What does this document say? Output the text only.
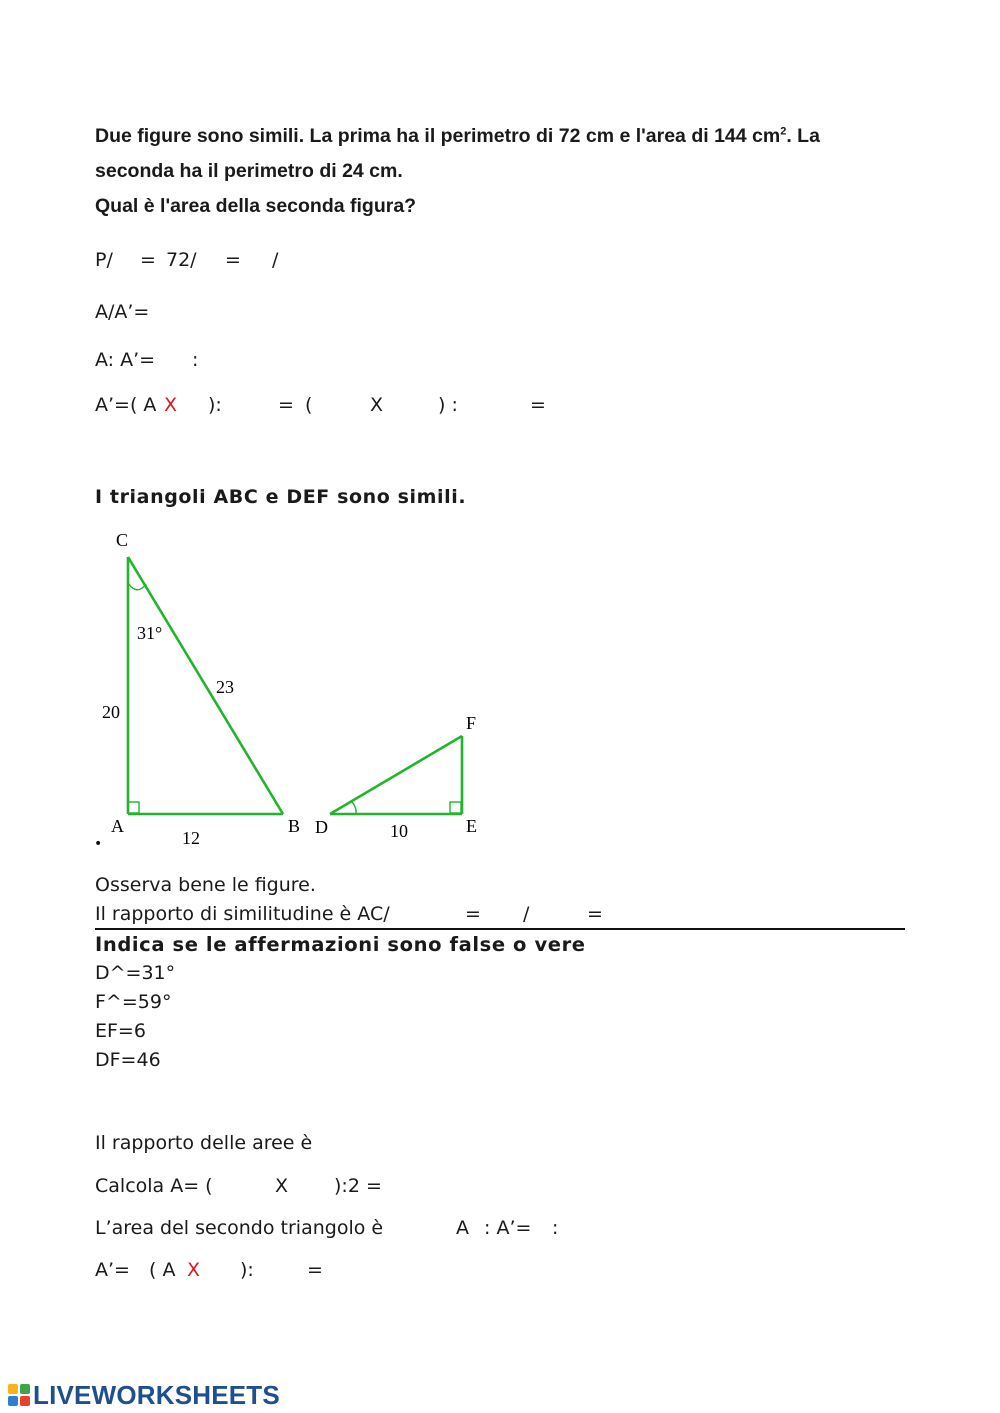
Due figure sono simili. La prima ha il perimetro di 72 cm e l'area di 144 $cm^2$. La
seconda ha il perimetro di 24 cm.
Qual è l'area della seconda figura?
P/ = 72/ = /
A/A’=
A: A’= :
A’=( A X ):	= (	X	) :	=
I triangoli ABC e DEF sono simili.
C
31°
23
20
A
12
B D	10	E
F
•
Osserva bene le figure.
Il rapporto di similitudine è AC/	= /	=
Indica se le affermazioni sono false o vere
D^=31°
F^=59°
EF=6
DF=46
Il rapporto delle aree è
Calcola A= (	X ):2 =
L’area del secondo triangolo è	A : A’= :
A’= ( A X ):	=
LIVEWORKSHEETS
